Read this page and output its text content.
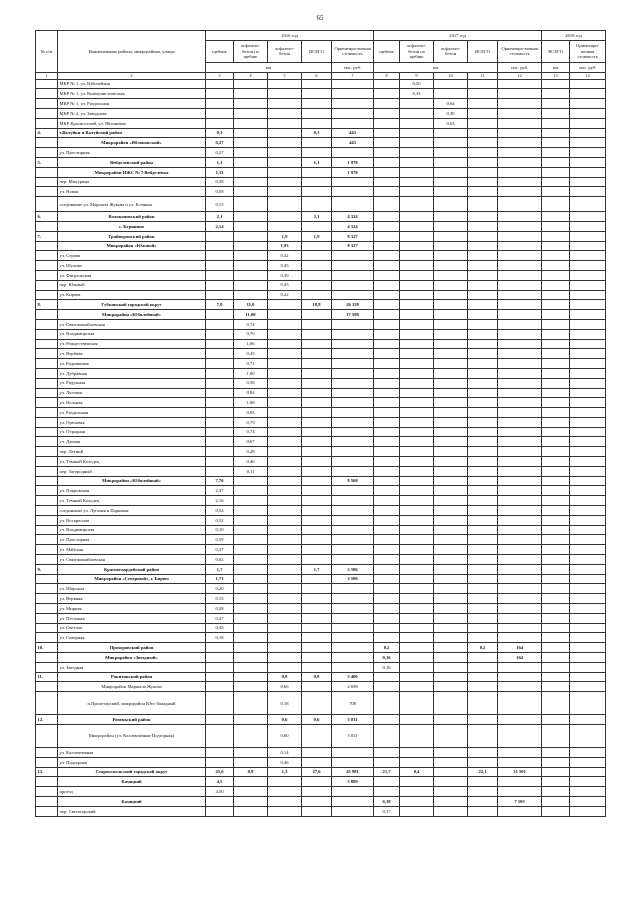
65
№ п/п	Наименование района, микрорайона, улицы	2016 год					2017 год					2018 год	
		щебень	асфальто-бетон по щебню	асфальто-бетон	ВСЕГО	Ориентиро-вочная стоимость	щебень	асфальто-бетон по щебню	асфальто-бетон	ВСЕГО	Ориентиро-вочная стоимость	ВСЕГО	Ориентиро-вочная стоимость
		км				тыс. руб.	км				тыс. руб.	км	тыс. руб.
1	2	3	4	5	6	7	8	9	10	11	12	13	14
	МКР № 1, ул. Юбилейная							0,50					
	МКР № 1, ул. Коммунистическая							0,33					
	МКР № 1, ул. Раздольная								0,64				
	МКР № 2, ул. Заводская								0,30				
	МКР Красноселий, ул. Яблоневая								0,63				
4.	г.Валуйки и Валуйский район	0,3			0,3	443							
	Микрорайон «Яблоновский»	0,27				443							
	ул. Простирная	0,27											
5.	Вейделевский район	1,1			1,1	1 978							
	Микрорайон ИЖС № 7 Вейделевка	1,11				1 978							
	пер. Мичурина	0,38											
	ул. Новая	0,58											
	соединение ул. Маршала Жукова и ул. Есенина	0,15											
6.	Волоконовский район	2,1			2,1	4 324							
	с. Кгринино	2,14				4 324							
7.	Грайворонский район			1,9	1,9	8 327							
	Микрорайон «Южный»			1,93		8 327							
	ул. Серова			0,42									
	ул. Шухова			0,45									
	ул. Фигральская			0,39									
	пер. Южный			0,45									
	ул. Кирова			0,22									
8.	Губкинский городской округ	7,8	11,0		18,8	26 158							
	Микрорайон «Юбилейный»		11,00			17 598							
	ул. Святомихайловская		0,74										
	ул. Владимирская		0,70										
	ул. Рождественская		1,06										
	ул. Вербная		0,43										
	ул. Родниковая		0,71										
	ул. Дубравная		1,00										
	ул. Радужная		0,58										
	ул. Луговая		0,84										
	ул. Вольная		1,08										
	ул. Раздольная		0,83										
	ул. Ореховая		0,79										
	ул. Отрадная		0,74										
	ул. Дачная		0,67										
	пер. Летний		0,28										
	ул. Темный Колодец		0,46										
	пер. Загородный		0,11										
	Микрорайон «Юбилейный»	7,76				8 560							
	ул. Покровская	2,37											
	ул. Темный Колодец	2,16											
	соединение ул. Луговая и Парковая	0,54											
	ул. Воскресная	0,52											
	ул. Владимирская	0,10											
	ул. Просторная	0,59											
	ул. Майская	0,37											
	ул. Святомихайловская	0,02											
9.	Красногвардейский район	1,7			1,7	2 586							
	Микрорайон «Северный», г. Бирюч	1,73				2 586							
	ул. Широкая	0,20											
	ул. Веркняя	0,15											
	ул. Мирная	0,28											
	ул. Песчаная	0,47											
	ул. Светлая	0,45											
	ул. Северная	0,18											
10.	Прохоровский район						0,2			0,2	164		
	Микрорайон «Звездный»						0,16				164		
	ул. Звездная						0,16						
11.	Ракитянский район			0,8	0,8	3 406							
	Микрорайон Маршала Жукова			0,66		2 698							
	п.Пролетарский, микрорайон Юго-Западный			0,18		708							
12.	Ровеньский район			0,6	0,6	3 031							
	Микрорайон (ул. Коллективная-Подгорная)			0,60		3 031							
	ул. Коллективная			0,14									
	ул. Подгорная			0,46									
13.	Старооскольский городской округ	25,6	0,8	1,3	27,6	45 981	21,7	0,4		22,1	31 501		
	Казацкий	4,5				5 889							
	проезд	4,50											
	Казацкий						6,18				7 105		
	пер. Светогорский						0,37						
